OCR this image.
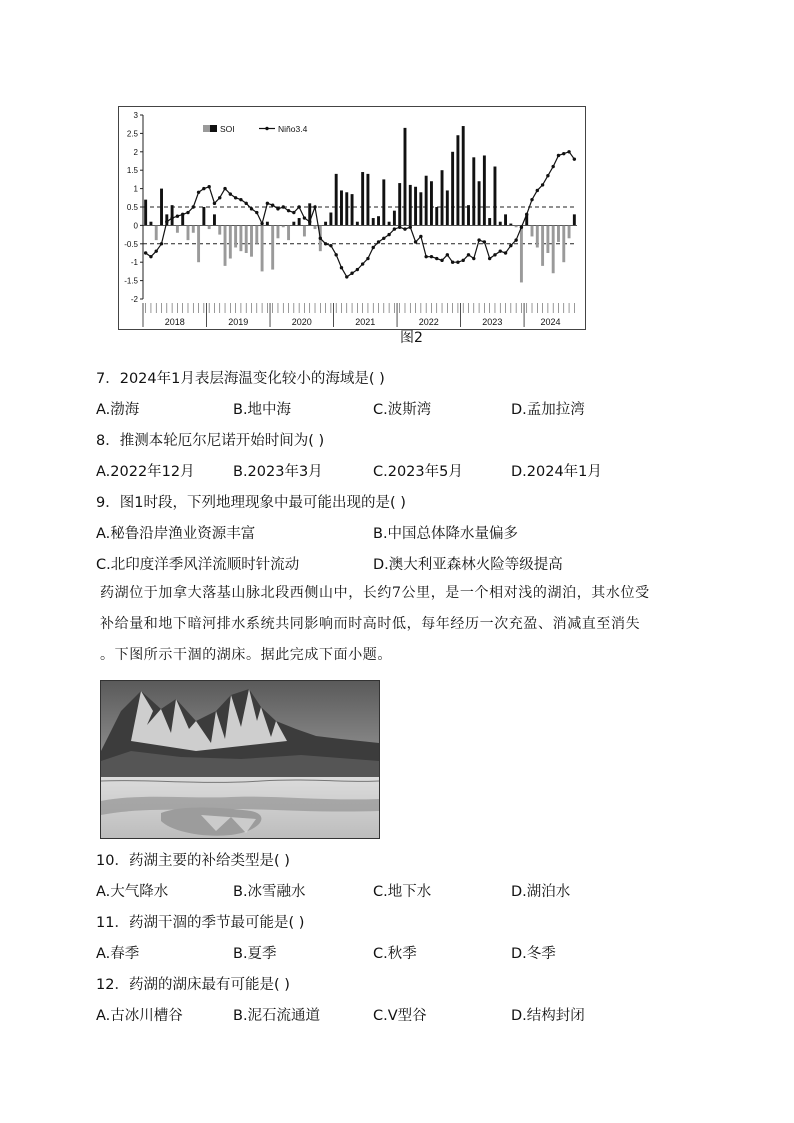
3
2.5
2
1.5
1
0.5
0
-0.5
-1
-1.5
-2
2018	2019	2020	2021	2022	2023	2024
SOI	Niño3.4
图2
7．2024年1月表层海温变化较小的海域是( )
A.渤海	B.地中海	C.波斯湾	D.孟加拉湾
8．推测本轮厄尔尼诺开始时间为( )
A.2022年12月	B.2023年3月	C.2023年5月	D.2024年1月
9．图1时段，下列地理现象中最可能出现的是( )
A.秘鲁沿岸渔业资源丰富	B.中国总体降水量偏多
C.北印度洋季风洋流顺时针流动	D.澳大利亚森林火险等级提高

药湖位于加拿大落基山脉北段西侧山中，长约7公里，是一个相对浅的湖泊，其水位受

补给量和地下暗河排水系统共同影响而时高时低，每年经历一次充盈、消减直至消失

。下图所示干涸的湖床。据此完成下面小题。

10．药湖主要的补给类型是( )
A.大气降水	B.冰雪融水	C.地下水	D.湖泊水
11．药湖干涸的季节最可能是( )
A.春季	B.夏季	C.秋季	D.冬季
12．药湖的湖床最有可能是( )
A.古冰川槽谷	B.泥石流通道	C.V型谷	D.结构封闭
